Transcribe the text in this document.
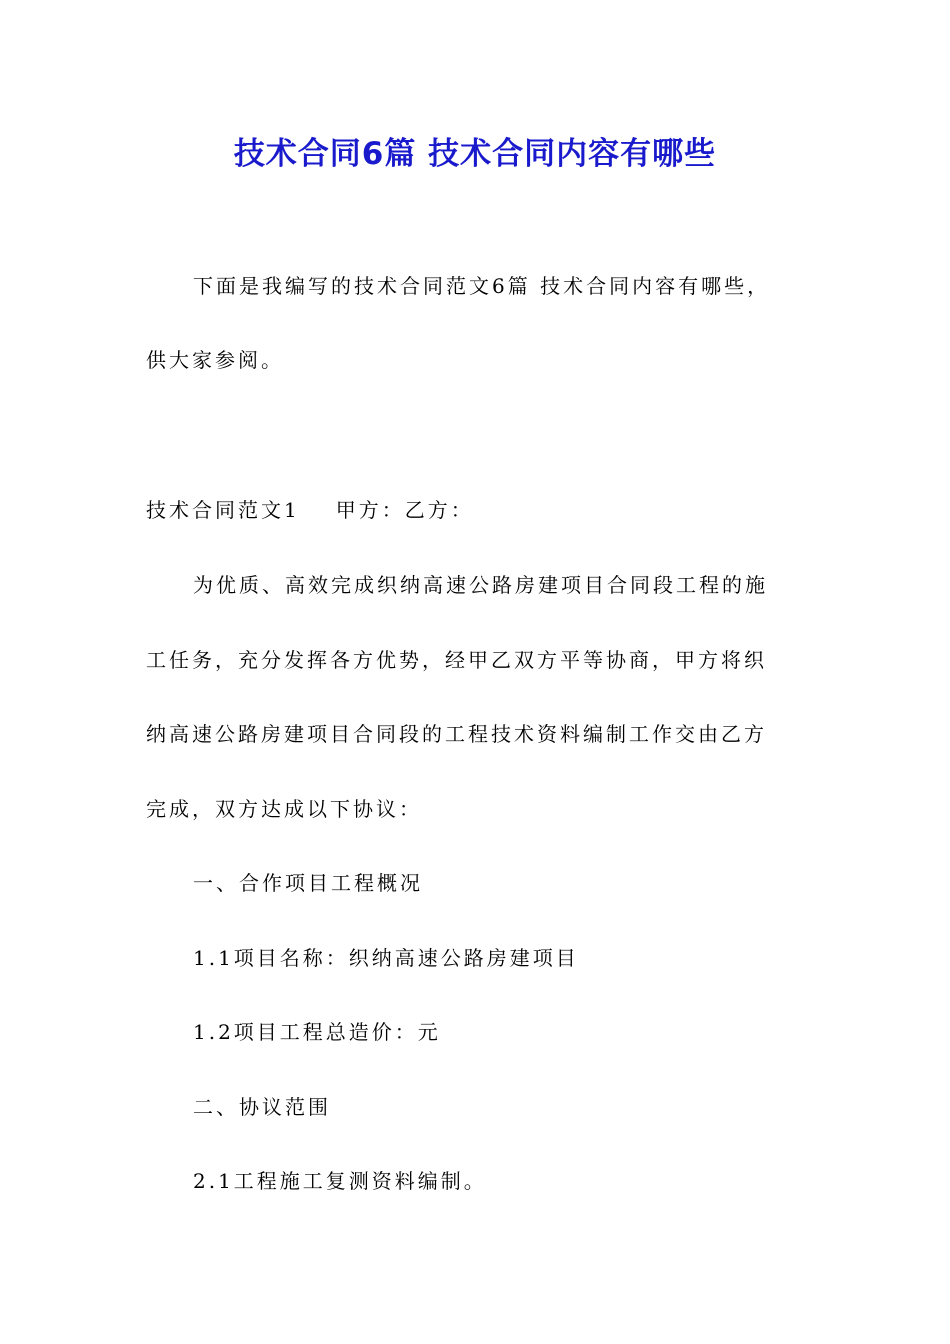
技术合同6篇 技术合同内容有哪些
下面是我编写的技术合同范文6篇 技术合同内容有哪些，
供大家参阅。
技术合同范文1 甲方：乙方：
为优质、高效完成织纳高速公路房建项目合同段工程的施
工任务，充分发挥各方优势，经甲乙双方平等协商，甲方将织
纳高速公路房建项目合同段的工程技术资料编制工作交由乙方
完成，双方达成以下协议：
一、合作项目工程概况
1.1项目名称：织纳高速公路房建项目
1.2项目工程总造价：元
二、协议范围
2.1工程施工复测资料编制。
